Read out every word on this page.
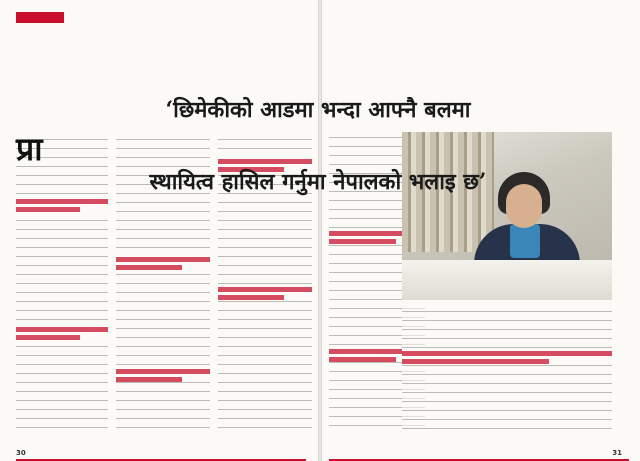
प्रा
30	31

‘छिमेकीको आडमा भन्दा आफ्नै बलमा

स्थायित्व हासिल गर्नुमा नेपालको भलाइ छ’
